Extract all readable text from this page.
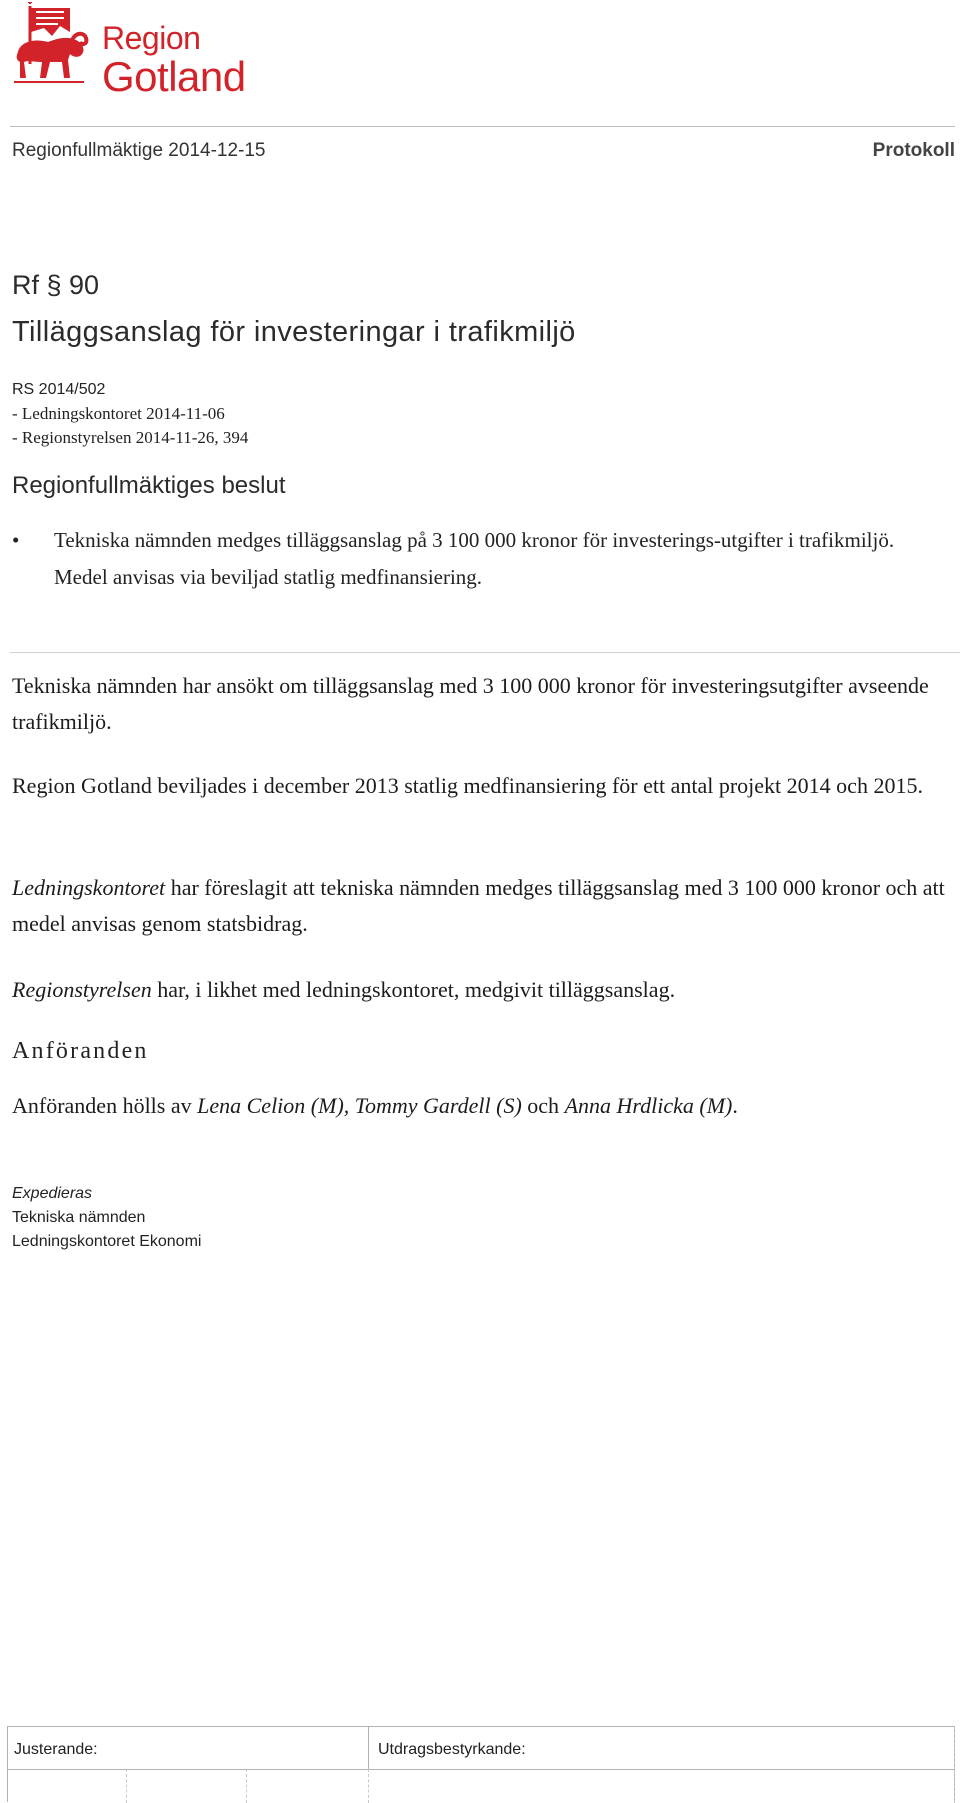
Region
Gotland
Regionfullmäktige 2014-12-15	Protokoll
Rf § 90
Tilläggsanslag för investeringar i trafikmiljö
RS 2014/502
- Ledningskontoret 2014-11-06
- Regionstyrelsen 2014-11-26, 394
Regionfullmäktiges beslut
•	Tekniska nämnden medges tilläggsanslag på 3 100 000 kronor för investerings-utgifter i trafikmiljö. Medel anvisas via beviljad statlig medfinansiering.
Tekniska nämnden har ansökt om tilläggsanslag med 3 100 000 kronor för investeringsutgifter avseende trafikmiljö.
Region Gotland beviljades i december 2013 statlig medfinansiering för ett antal projekt 2014 och 2015.
Ledningskontoret har föreslagit att tekniska nämnden medges tilläggsanslag med 3 100 000 kronor och att medel anvisas genom statsbidrag.
Regionstyrelsen har, i likhet med ledningskontoret, medgivit tilläggsanslag.
Anföranden
Anföranden hölls av Lena Celion (M), Tommy Gardell (S) och Anna Hrdlicka (M).
Expedieras
Tekniska nämnden
Ledningskontoret Ekonomi
Justerande:	Utdragsbestyrkande:
